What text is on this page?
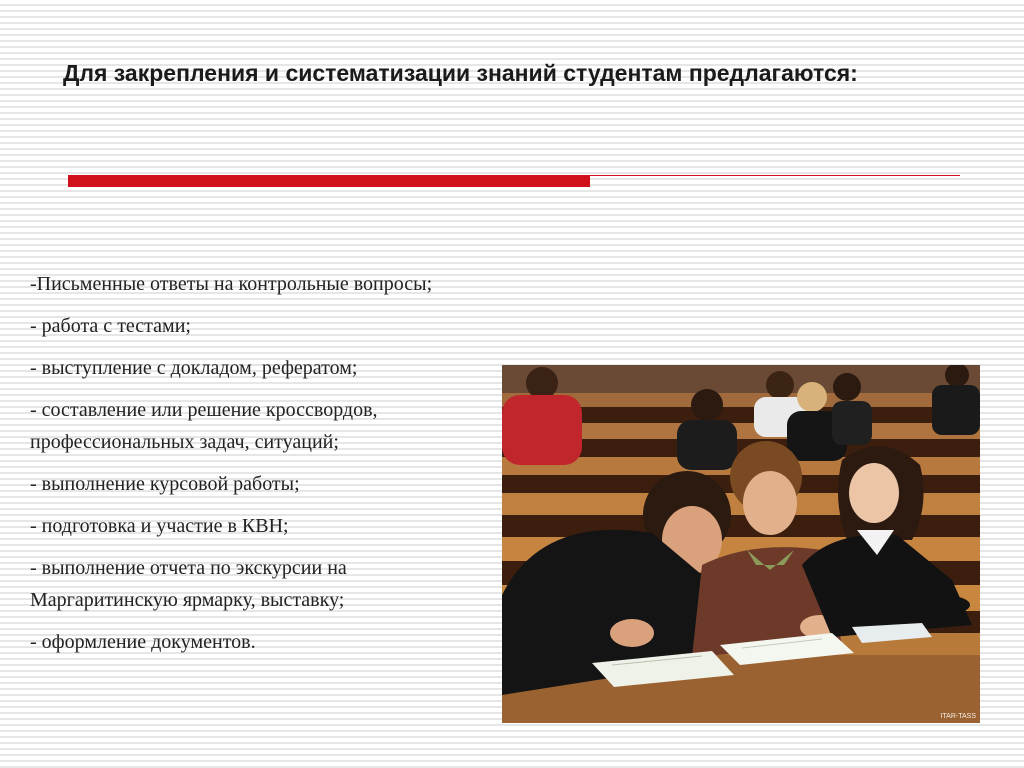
Для закрепления и систематизации знаний студентам предлагаются:
-Письменные ответы на контрольные вопросы;
- работа с тестами;
- выступление с докладом, рефератом;
- составление или решение кроссвордов, профессиональных задач, ситуаций;
- выполнение курсовой работы;
- подготовка и участие в КВН;
- выполнение отчета по экскурсии на Маргаритинскую ярмарку, выставку;
- оформление документов.
ITAR-TASS
